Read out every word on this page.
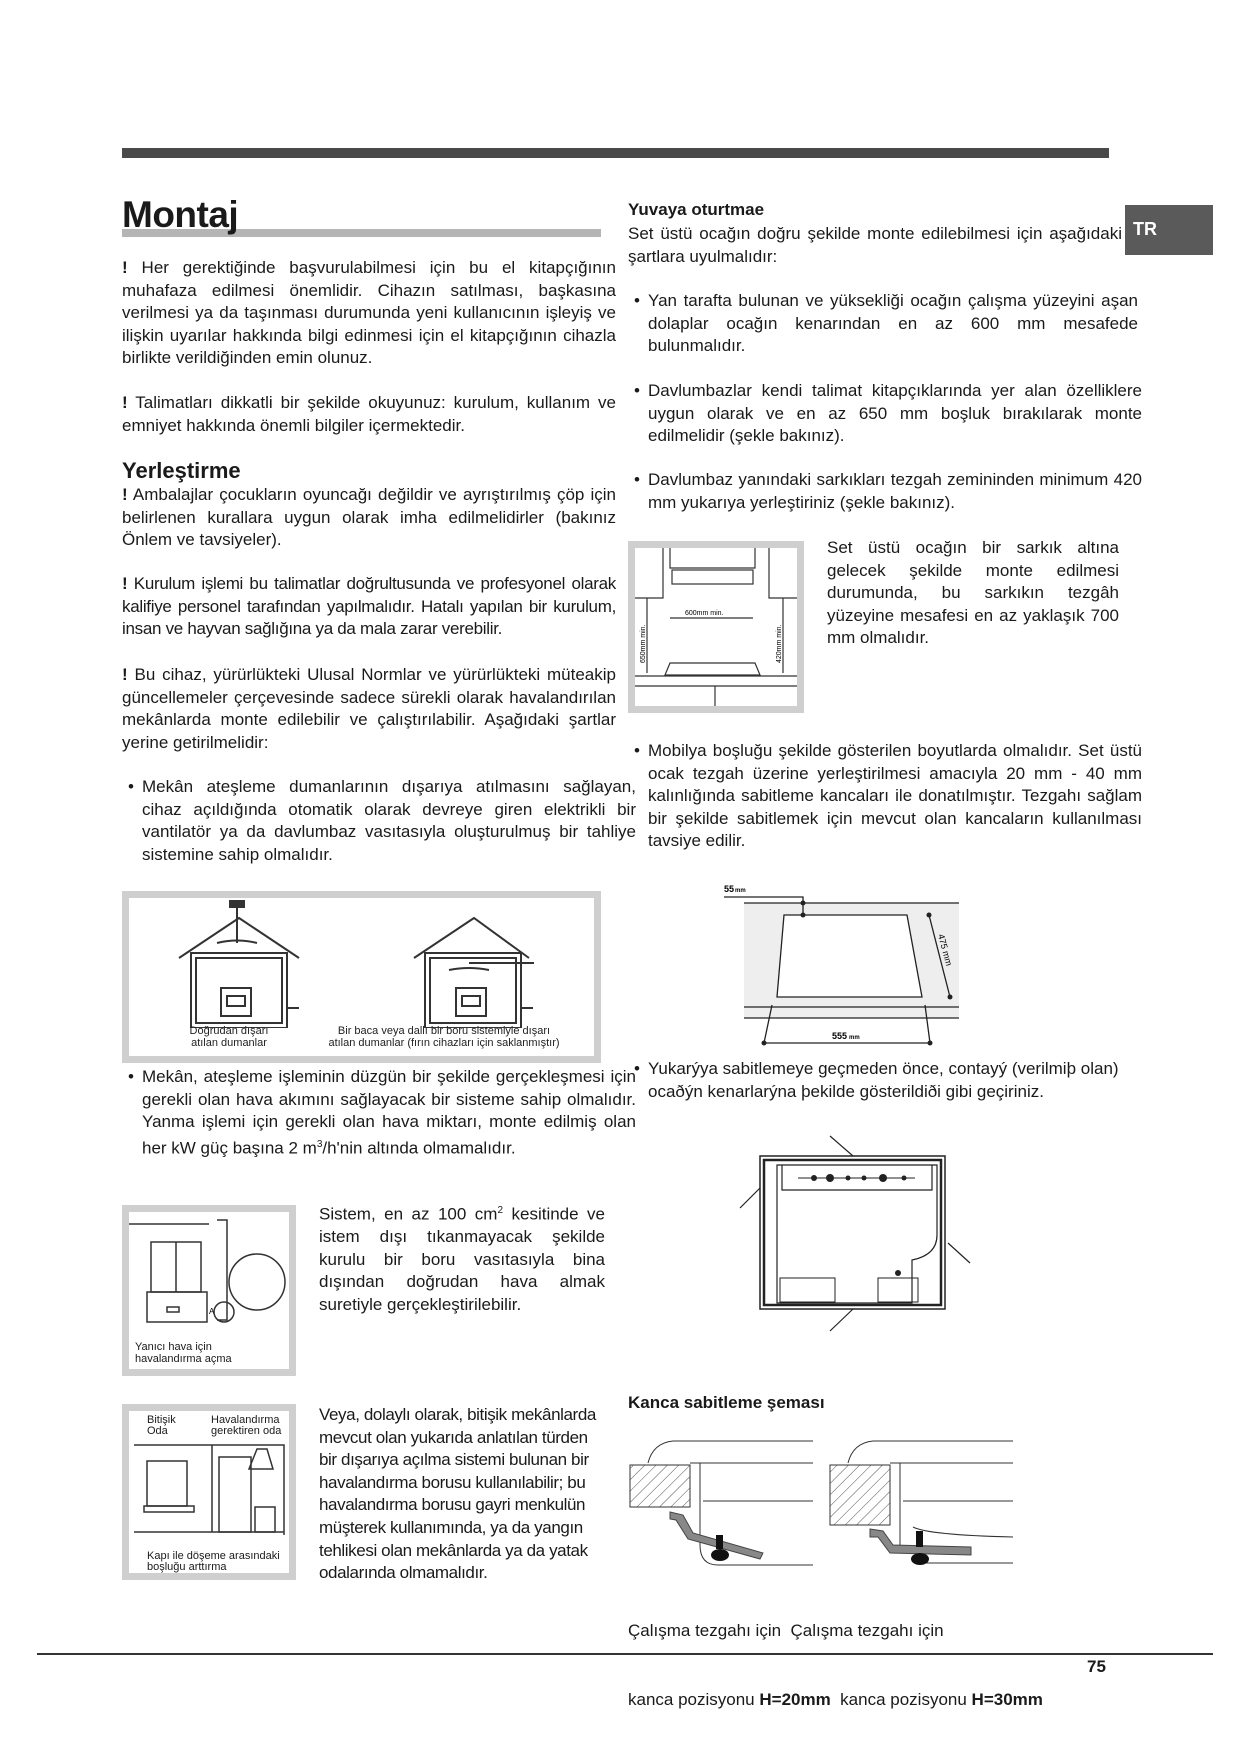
Montaj	TR

! Her gerektiğinde başvurulabilmesi için bu el kitapçığının muhafaza edilmesi önemlidir. Cihazın satılması, başkasına verilmesi ya da taşınması durumunda yeni kullanıcının işleyiş ve ilişkin uyarılar hakkında bilgi edinmesi için el kitapçığının cihazla birlikte verildiğinden emin olunuz.

! Talimatları dikkatli bir şekilde okuyunuz: kurulum, kullanım ve emniyet hakkında önemli bilgiler içermektedir.

Yerleştirme

! Ambalajlar çocukların oyuncağı değildir ve ayrıştırılmış çöp için belirlenen kurallara uygun olarak imha edilmelidirler (bakınız Önlem ve tavsiyeler).

! Kurulum işlemi bu talimatlar doğrultusunda ve profesyonel olarak kalifiye personel tarafından yapılmalıdır. Hatalı yapılan bir kurulum, insan ve hayvan sağlığına ya da mala zarar verebilir.

! Bu cihaz, yürürlükteki Ulusal Normlar ve yürürlükteki müteakip güncellemeler çerçevesinde sadece sürekli olarak havalandırılan mekânlarda monte edilebilir ve çalıştırılabilir. Aşağıdaki şartlar yerine getirilmelidir:

• Mekân ateşleme dumanlarının dışarıya atılmasını sağlayan, cihaz açıldığında otomatik olarak devreye giren elektrikli bir vantilatör ya da davlumbaz vasıtasıyla oluşturulmuş bir tahliye sistemine sahip olmalıdır.

Doğrudan dışarı
atılan dumanlar
Bir baca veya dallı bir boru sistemiyle dışarı
atılan dumanlar (fırın cihazları için saklanmıştır)

• Mekân, ateşleme işleminin düzgün bir şekilde gerçekleşmesi için gerekli olan hava akımını sağlayacak bir sisteme sahip olmalıdır. Yanma işlemi için gerekli olan hava miktarı, monte edilmiş olan her kW güç başına 2 $m^3/h'nin$ altında olmamalıdır.

A
Yanıcı hava için
havalandırma açma

Sistem, en az 100 $cm^2$ kesitinde ve istem dışı tıkanmayacak şekilde kurulu bir boru vasıtasıyla bina dışından doğrudan hava almak suretiyle gerçekleştirilebilir.

Bitişik
Oda
Havalandırma
gerektiren oda
Kapı ile döşeme arasındaki
boşluğu arttırma

Veya, dolaylı olarak, bitişik mekânlarda mevcut olan yukarıda anlatılan türden bir dışarıya açılma sistemi bulunan bir havalandırma borusu kullanılabilir; bu havalandırma borusu gayri menkulün müşterek kullanımında, ya da yangın tehlikesi olan mekânlarda ya da yatak odalarında olmamalıdır.

Yuvaya oturtmae

Set üstü ocağın doğru şekilde monte edilebilmesi için aşağıdaki şartlara uyulmalıdır:

• Yan tarafta bulunan ve yüksekliği ocağın çalışma yüzeyini aşan dolaplar ocağın kenarından en az 600 mm mesafede bulunmalıdır.

• Davlumbazlar kendi talimat kitapçıklarında yer alan özelliklere uygun olarak ve en az 650 mm boşluk bırakılarak monte edilmelidir (şekle bakınız).

• Davlumbaz yanındaki sarkıkları tezgah zemininden minimum 420 mm yukarıya yerleştiriniz (şekle bakınız).

600mm min.
650mm min.	420mm min.

Set üstü ocağın bir sarkık altına gelecek şekilde monte edilmesi durumunda, bu sarkıkın tezgâh yüzeyine mesafesi en az yaklaşık 700 mm olmalıdır.

• Mobilya boşluğu şekilde gösterilen boyutlarda olmalıdır. Set üstü ocak tezgah üzerine yerleştirilmesi amacıyla 20 mm - 40 mm kalınlığında sabitleme kancaları ile donatılmıştır. Tezgahı sağlam bir şekilde sabitlemek için mevcut olan kancaların kullanılması tavsiye edilir.

55mm
475 mm
555 mm

• Yukarýya sabitlemeye geçmeden önce, contayý (verilmiþ olan) ocaðýn kenarlarýna þekilde gösterildiði gibi geçiriniz.

Kanca sabitleme şeması

Çalışma tezgahı için  Çalışma tezgahı için

kanca pozisyonu H=20mm  kanca pozisyonu H=30mm

75
